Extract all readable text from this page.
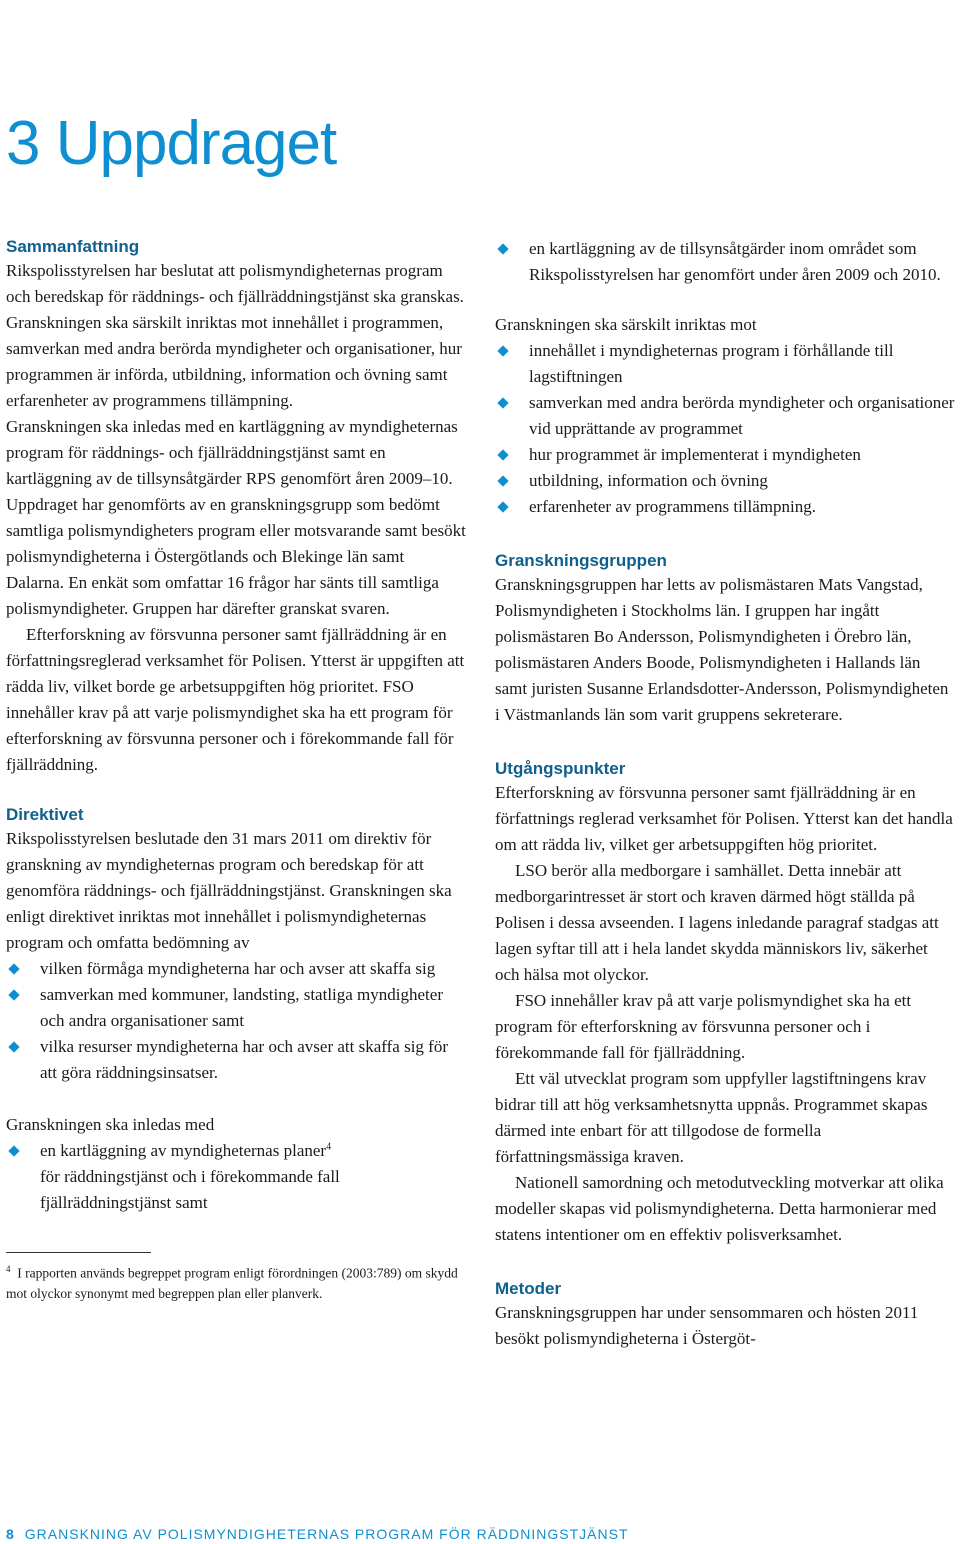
3 Uppdraget
Sammanfattning

Rikspolisstyrelsen har beslutat att polismyndigheternas program och beredskap för räddnings- och fjällräddningstjänst ska granskas. Granskningen ska särskilt inriktas mot innehållet i programmen, samverkan med andra berörda myndigheter och organisationer, hur programmen är införda, utbildning, information och övning samt erfarenheter av programmens tillämpning.

Granskningen ska inledas med en kartläggning av myndigheternas program för räddnings- och fjällräddningstjänst samt en kartläggning av de tillsynsåtgärder RPS genomfört åren 2009–10.

Uppdraget har genomförts av en granskningsgrupp som bedömt samtliga polismyndigheters program eller motsvarande samt besökt polismyndigheterna i Östergötlands och Blekinge län samt Dalarna. En enkät som omfattar 16 frågor har sänts till samtliga polismyndigheter. Gruppen har därefter granskat svaren.

Efterforskning av försvunna personer samt fjällräddning är en författningsreglerad verksamhet för Polisen. Ytterst är uppgiften att rädda liv, vilket borde ge arbetsuppgiften hög prioritet. FSO innehåller krav på att varje polismyndighet ska ha ett program för efterforskning av försvunna personer och i förekommande fall för fjällräddning.

Direktivet

Rikspolisstyrelsen beslutade den 31 mars 2011 om direktiv för granskning av myndigheternas program och beredskap för att genomföra räddnings- och fjällräddningstjänst. Granskningen ska enligt direktivet inriktas mot innehållet i polismyndigheternas program och omfatta bedömning av

vilken förmåga myndigheterna har och avser att skaffa sig
samverkan med kommuner, landsting, statliga myndigheter och andra organisationer samt
vilka resurser myndigheterna har och avser att skaffa sig för att göra räddningsinsatser.

Granskningen ska inledas med

en kartläggning av myndigheternas planer$^4$
för räddningstjänst och i förekommande fall fjällräddningstjänst samt
$^4$ I rapporten används begreppet program enligt förordningen (2003:789) om skydd mot olyckor synonymt med begreppen plan eller planverk.
en kartläggning av de tillsynsåtgärder inom området som Rikspolisstyrelsen har genomfört under åren 2009 och 2010.

Granskningen ska särskilt inriktas mot

innehållet i myndigheternas program i förhållande till lagstiftningen
samverkan med andra berörda myndigheter och organisationer vid upprättande av programmet
hur programmet är implementerat i myndigheten
utbildning, information och övning
erfarenheter av programmens tillämpning.
Granskningsgruppen

Granskningsgruppen har letts av polismästaren Mats Vangstad, Polismyndigheten i Stockholms län. I gruppen har ingått polismästaren Bo Andersson, Polismyndigheten i Örebro län, polismästaren Anders Boode, Polismyndigheten i Hallands län samt juristen Susanne Erlandsdotter-Andersson, Polismyndigheten i Västmanlands län som varit gruppens sekreterare.

Utgångspunkter

Efterforskning av försvunna personer samt fjällräddning är en författnings reglerad verksamhet för Polisen. Ytterst kan det handla om att rädda liv, vilket ger arbetsuppgiften hög prioritet.

LSO berör alla medborgare i samhället. Detta innebär att medborgarintresset är stort och kraven därmed högt ställda på Polisen i dessa avseenden. I lagens inledande paragraf stadgas att lagen syftar till att i hela landet skydda människors liv, säkerhet och hälsa mot olyckor.

FSO innehåller krav på att varje polismyndighet ska ha ett program för efterforskning av försvunna personer och i förekommande fall för fjällräddning.

Ett väl utvecklat program som uppfyller lagstiftningens krav bidrar till att hög verksamhetsnytta uppnås. Programmet skapas därmed inte enbart för att tillgodose de formella författningsmässiga kraven.

Nationell samordning och metodutveckling motverkar att olika modeller skapas vid polismyndigheterna. Detta harmonierar med statens intentioner om en effektiv polisverksamhet.

Metoder

Granskningsgruppen har under sensommaren och hösten 2011 besökt polismyndigheterna i Östergöt-

8 GRANSKNING AV POLISMYNDIGHETERNAS PROGRAM FÖR RÄDDNINGSTJÄNST
